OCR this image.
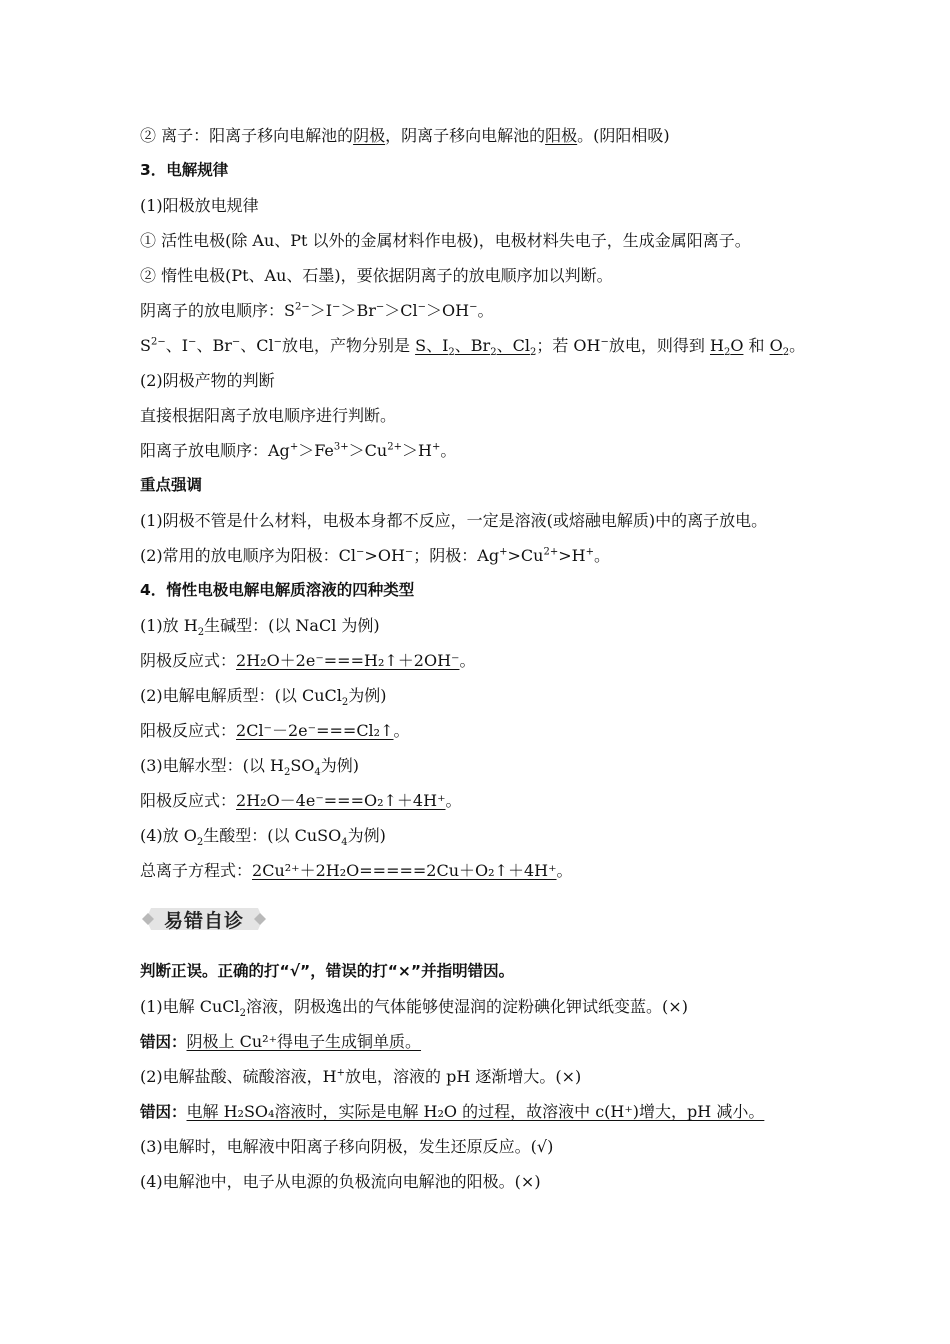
② 离子：阳离子移向电解池的阴极，阴离子移向电解池的阳极。(阴阳相吸)
3．电解规律
(1)阳极放电规律
① 活性电极(除 Au、Pt 以外的金属材料作电极)，电极材料失电子，生成金属阳离子。
② 惰性电极(Pt、Au、石墨)，要依据阴离子的放电顺序加以判断。
阴离子的放电顺序：$S^{2-}>I^->Br^->Cl^->OH^-$。
$S^{2-}$、I−、Br−、Cl−放电，产物分别是 S、$I_2$、$Br_2$、$Cl_2$；若 OH−放电，则得到 $H_2O$ 和 $O_2$。
(2)阴极产物的判断
直接根据阳离子放电顺序进行判断。
阳离子放电顺序：$Ag^+>Fe^{3+}>Cu^{2+}>H^+$。
重点强调
(1)阴极不管是什么材料，电极本身都不反应，一定是溶液(或熔融电解质)中的离子放电。
(2)常用的放电顺序为阳极：Cl−>OH−；阴极：$Ag^+>Cu^{2+}>H^+$。
4．惰性电极电解电解质溶液的四种类型
(1)放 $H_2$生碱型：(以 NaCl 为例)
阴极反应式：2H₂O＋2e⁻===H₂↑＋2OH⁻。
(2)电解电解质型：(以 CuCl$_2$为例)
阳极反应式：2Cl⁻－2e⁻===Cl₂↑。
(3)电解水型：(以 $H_2SO_4$为例)
阳极反应式：2H₂O－4e⁻===O₂↑＋4H⁺。
(4)放 $O_2$生酸型：(以 CuSO$_4$为例)
总离子方程式：2Cu²⁺＋2H₂O=====2Cu＋O₂↑＋4H⁺。
易错自诊
判断正误。正确的打“√”，错误的打“×”并指明错因。
(1)电解 CuCl$_2$溶液，阴极逸出的气体能够使湿润的淀粉碘化钾试纸变蓝。(×)
错因：阴极上 Cu²⁺得电子生成铜单质。
(2)电解盐酸、硫酸溶液，H+放电，溶液的 pH 逐渐增大。(×)
错因：电解 H₂SO₄溶液时，实际是电解 H₂O 的过程，故溶液中 c(H⁺)增大，pH 减小。
(3)电解时，电解液中阳离子移向阴极，发生还原反应。(√)
(4)电解池中，电子从电源的负极流向电解池的阳极。(×)
